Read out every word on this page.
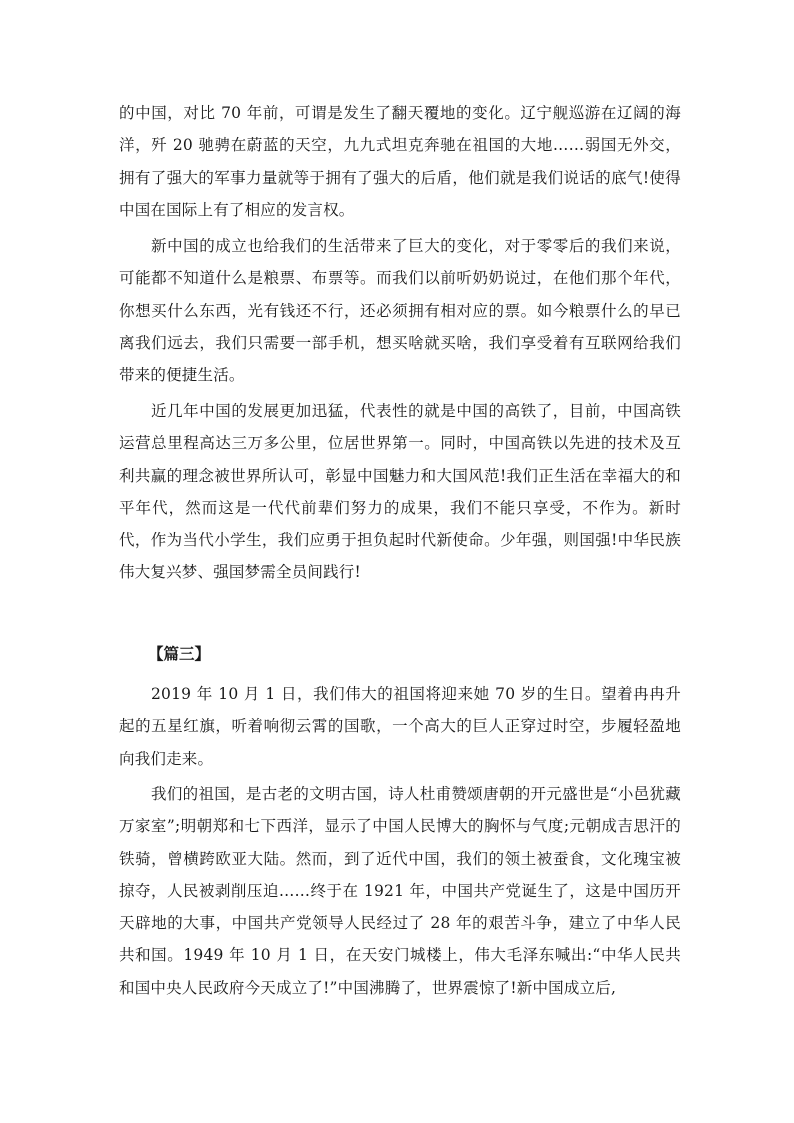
的中国，对比 70 年前，可谓是发生了翻天覆地的变化。辽宁舰巡游在辽阔的海洋，歼 20 驰骋在蔚蓝的天空，九九式坦克奔驰在祖国的大地……弱国无外交，拥有了强大的军事力量就等于拥有了强大的后盾，他们就是我们说话的底气!使得中国在国际上有了相应的发言权。

新中国的成立也给我们的生活带来了巨大的变化，对于零零后的我们来说，可能都不知道什么是粮票、布票等。而我们以前听奶奶说过，在他们那个年代，你想买什么东西，光有钱还不行，还必须拥有相对应的票。如今粮票什么的早已离我们远去，我们只需要一部手机，想买啥就买啥，我们享受着有互联网给我们带来的便捷生活。

近几年中国的发展更加迅猛，代表性的就是中国的高铁了，目前，中国高铁运营总里程高达三万多公里，位居世界第一。同时，中国高铁以先进的技术及互利共赢的理念被世界所认可，彰显中国魅力和大国风范!我们正生活在幸福大的和平年代，然而这是一代代前辈们努力的成果，我们不能只享受，不作为。新时代，作为当代小学生，我们应勇于担负起时代新使命。少年强，则国强!中华民族伟大复兴梦、强国梦需全员间践行!

【篇三】

2019 年 10 月 1 日，我们伟大的祖国将迎来她 70 岁的生日。望着冉冉升起的五星红旗，听着响彻云霄的国歌，一个高大的巨人正穿过时空，步履轻盈地向我们走来。

我们的祖国，是古老的文明古国，诗人杜甫赞颂唐朝的开元盛世是“小邑犹藏万家室”;明朝郑和七下西洋，显示了中国人民博大的胸怀与气度;元朝成吉思汗的铁骑，曾横跨欧亚大陆。然而，到了近代中国，我们的领土被蚕食，文化瑰宝被掠夺，人民被剥削压迫……终于在 1921 年，中国共产党诞生了，这是中国历开天辟地的大事，中国共产党领导人民经过了 28 年的艰苦斗争，建立了中华人民共和国。1949 年 10 月 1 日，在天安门城楼上，伟大毛泽东喊出:“中华人民共和国中央人民政府今天成立了!”中国沸腾了，世界震惊了!新中国成立后,
